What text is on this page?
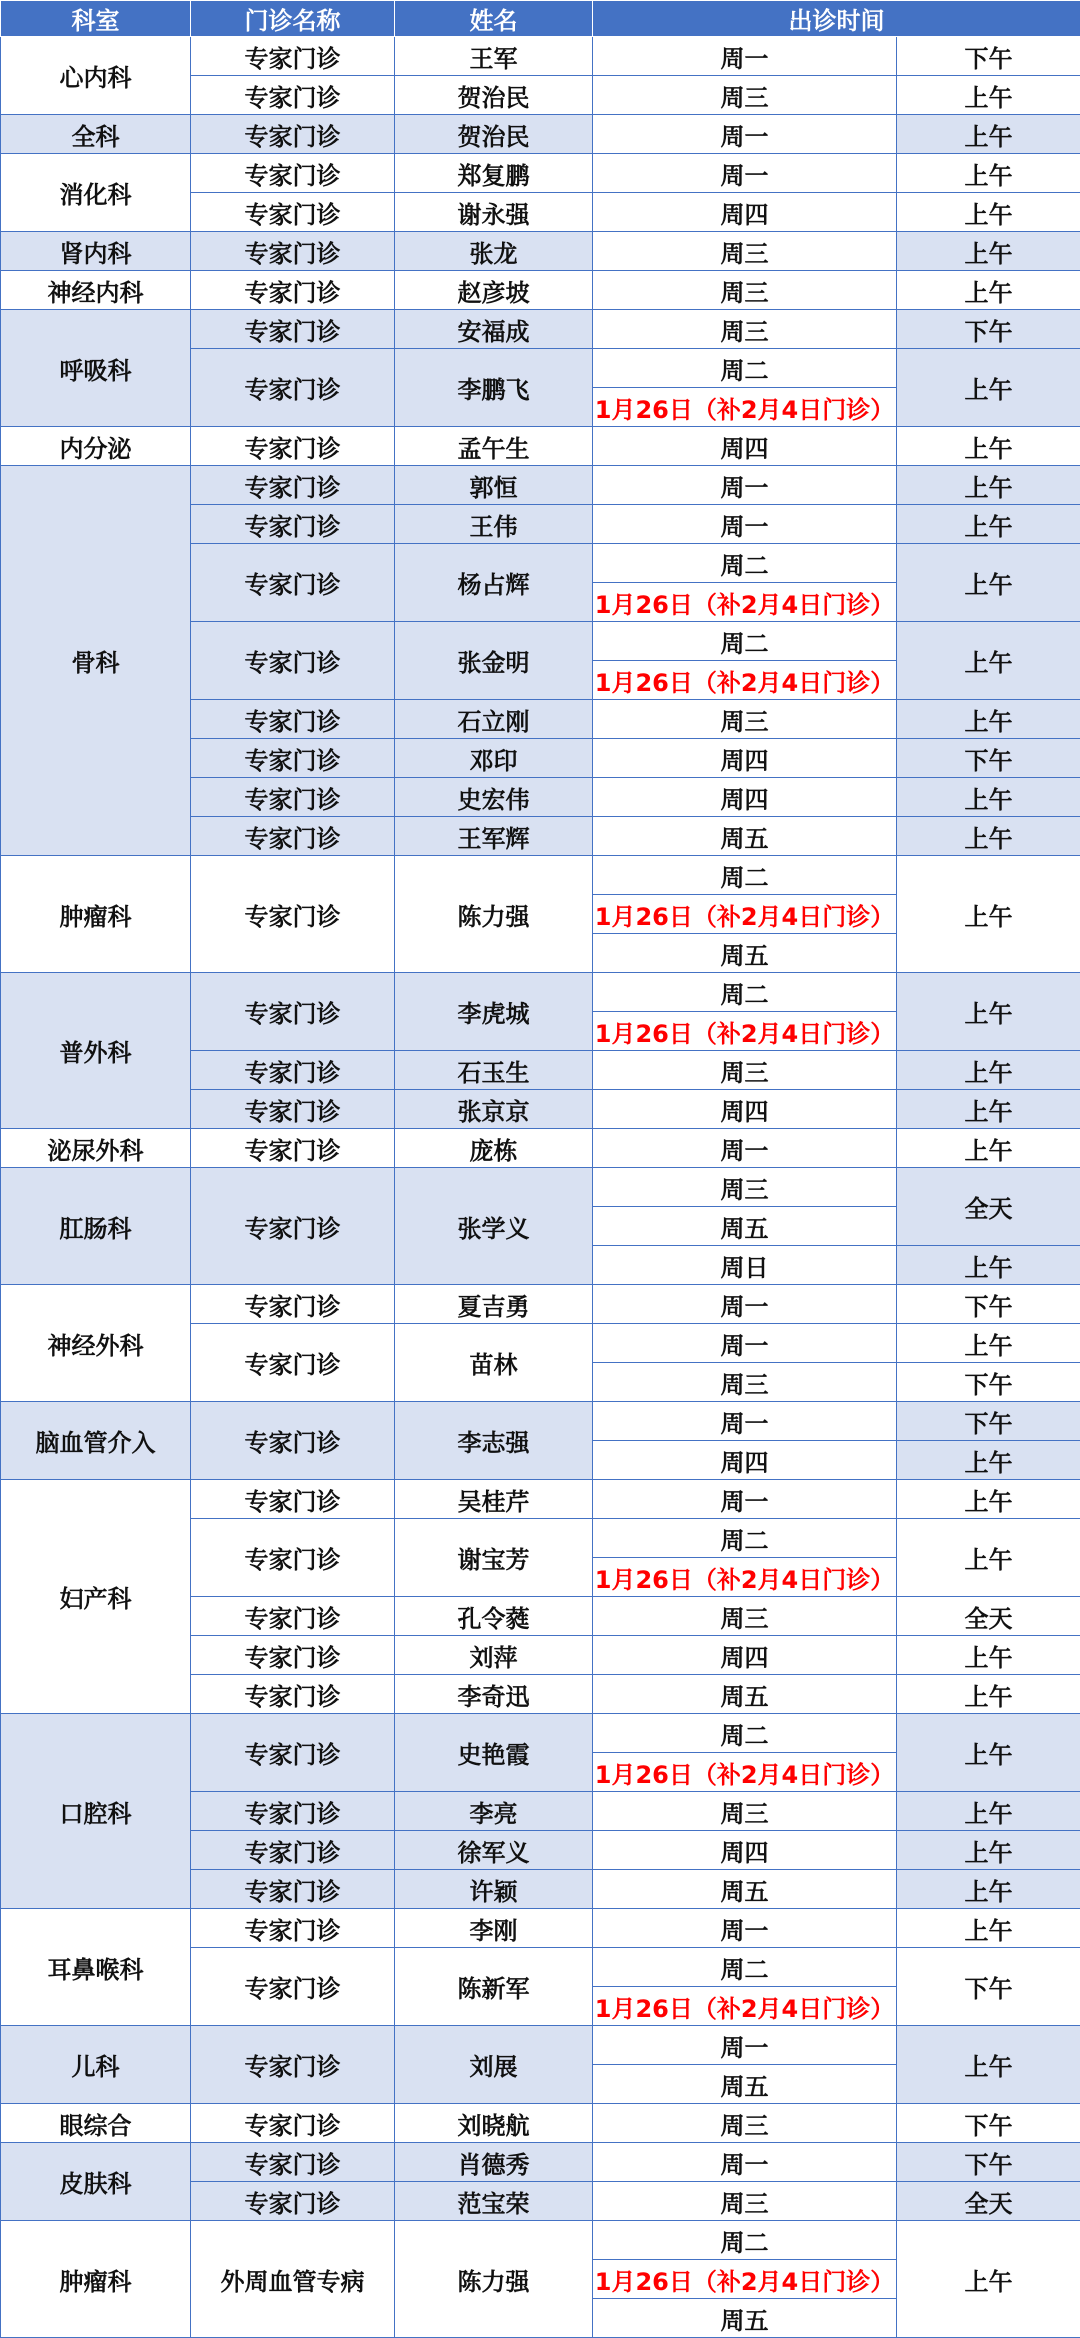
科室	门诊名称	姓名	出诊时间	
心内科	专家门诊	王军	周一	下午
	专家门诊	贺治民	周三	上午
全科	专家门诊	贺治民	周一	上午
消化科	专家门诊	郑复鹏	周一	上午
	专家门诊	谢永强	周四	上午
肾内科	专家门诊	张龙	周三	上午
神经内科	专家门诊	赵彦坡	周三	上午
呼吸科	专家门诊	安福成	周三	下午
	专家门诊	李鹏飞	周二	上午
			1月26日（补2月4日门诊）	
内分泌	专家门诊	孟午生	周四	上午
骨科	专家门诊	郭恒	周一	上午
	专家门诊	王伟	周一	上午
	专家门诊	杨占辉	周二	上午
			1月26日（补2月4日门诊）	
	专家门诊	张金明	周二	上午
			1月26日（补2月4日门诊）	
	专家门诊	石立刚	周三	上午
	专家门诊	邓印	周四	下午
	专家门诊	史宏伟	周四	上午
	专家门诊	王军辉	周五	上午
肿瘤科	专家门诊	陈力强	周二	上午
			1月26日（补2月4日门诊）	
			周五	
普外科	专家门诊	李虎城	周二	上午
			1月26日（补2月4日门诊）	
	专家门诊	石玉生	周三	上午
	专家门诊	张京京	周四	上午
泌尿外科	专家门诊	庞栋	周一	上午
肛肠科	专家门诊	张学义	周三	全天
			周五	
			周日	上午
神经外科	专家门诊	夏吉勇	周一	下午
	专家门诊	苗林	周一	上午
			周三	下午
脑血管介入	专家门诊	李志强	周一	下午
			周四	上午
妇产科	专家门诊	吴桂芹	周一	上午
	专家门诊	谢宝芳	周二	上午
			1月26日（补2月4日门诊）	
	专家门诊	孔令蕤	周三	全天
	专家门诊	刘萍	周四	上午
	专家门诊	李奇迅	周五	上午
口腔科	专家门诊	史艳霞	周二	上午
			1月26日（补2月4日门诊）	
	专家门诊	李亮	周三	上午
	专家门诊	徐军义	周四	上午
	专家门诊	许颖	周五	上午
耳鼻喉科	专家门诊	李刚	周一	上午
	专家门诊	陈新军	周二	下午
			1月26日（补2月4日门诊）	
儿科	专家门诊	刘展	周一	上午
			周五	
眼综合	专家门诊	刘晓航	周三	下午
皮肤科	专家门诊	肖德秀	周一	下午
	专家门诊	范宝荣	周三	全天
肿瘤科	外周血管专病	陈力强	周二	上午
			1月26日（补2月4日门诊）	
			周五	
